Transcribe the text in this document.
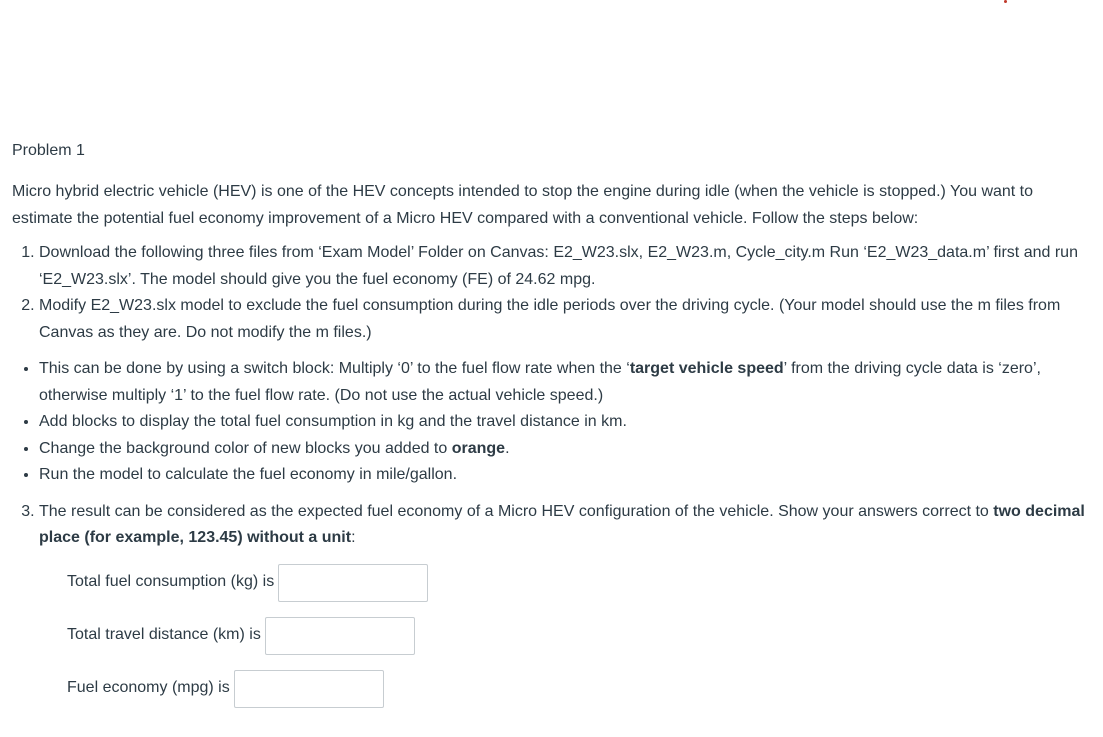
Problem 1

Micro hybrid electric vehicle (HEV) is one of the HEV concepts intended to stop the engine during idle (when the vehicle is stopped.) You want to estimate the potential fuel economy improvement of a Micro HEV compared with a conventional vehicle. Follow the steps below:

1. Download the following three files from ‘Exam Model’ Folder on Canvas: E2_W23.slx, E2_W23.m, Cycle_city.m Run ‘E2_W23_data.m’ first and run ‘E2_W23.slx’. The model should give you the fuel economy (FE) of 24.62 mpg.
2. Modify E2_W23.slx model to exclude the fuel consumption during the idle periods over the driving cycle. (Your model should use the m files from Canvas as they are. Do not modify the m files.)
• This can be done by using a switch block: Multiply ‘0’ to the fuel flow rate when the ‘target vehicle speed’ from the driving cycle data is ‘zero’, otherwise multiply ‘1’ to the fuel flow rate. (Do not use the actual vehicle speed.)
• Add blocks to display the total fuel consumption in kg and the travel distance in km.
• Change the background color of new blocks you added to orange.
• Run the model to calculate the fuel economy in mile/gallon.
3. The result can be considered as the expected fuel economy of a Micro HEV configuration of the vehicle. Show your answers correct to two decimal place (for example, 123.45) without a unit:
Total fuel consumption (kg) is
Total travel distance (km) is
Fuel economy (mpg) is
